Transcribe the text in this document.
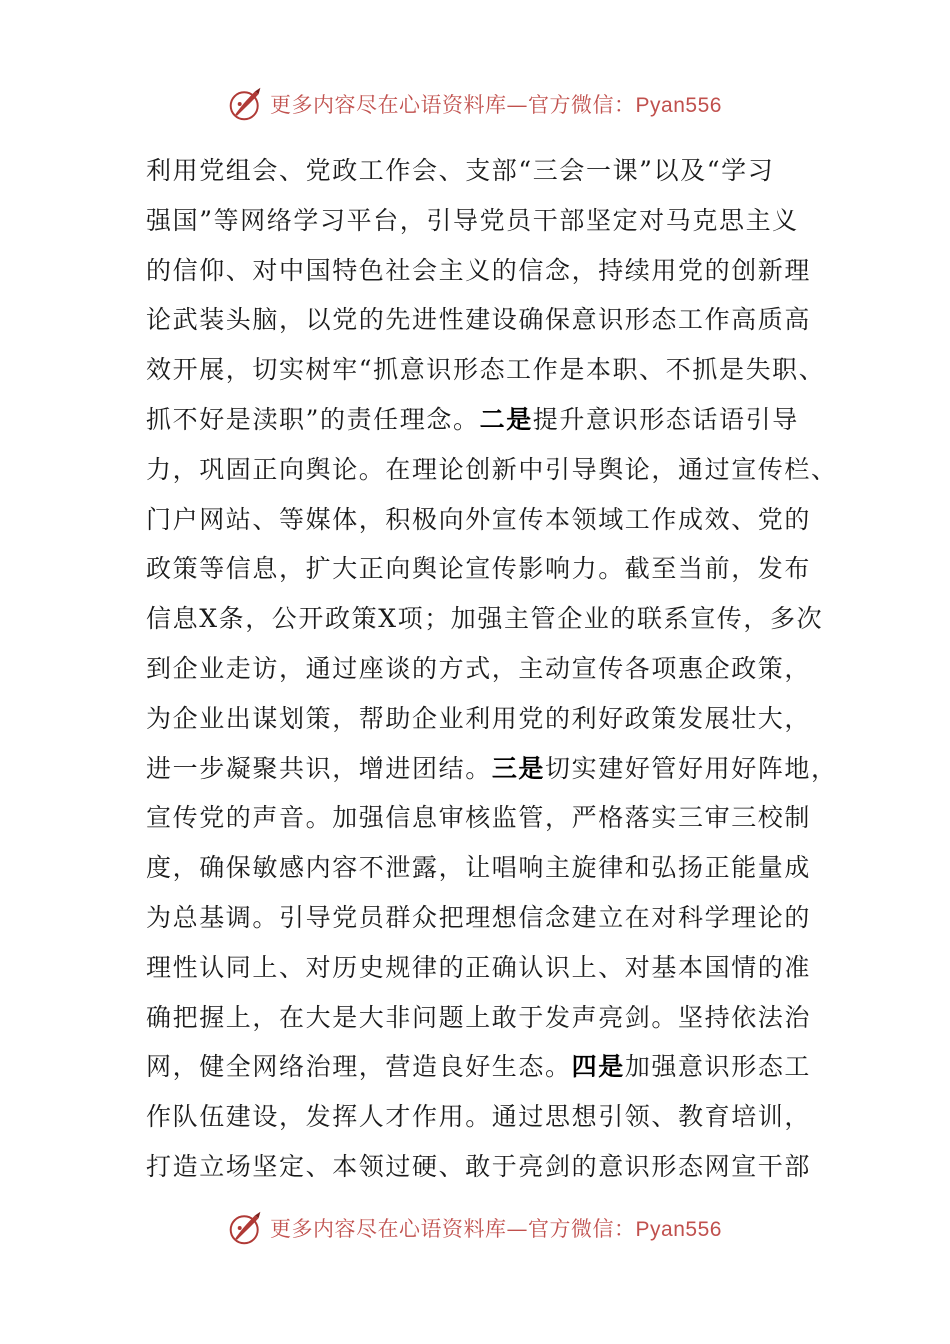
更多内容尽在心语资料库—官方微信：Pyan556
利用党组会、党政工作会、支部“三会一课”以及“学习
强国”等网络学习平台，引导党员干部坚定对马克思主义
的信仰、对中国特色社会主义的信念，持续用党的创新理
论武装头脑，以党的先进性建设确保意识形态工作高质高
效开展，切实树牢“抓意识形态工作是本职、不抓是失职、
抓不好是渎职”的责任理念。二是提升意识形态话语引导
力，巩固正向舆论。在理论创新中引导舆论，通过宣传栏、
门户网站、等媒体，积极向外宣传本领域工作成效、党的
政策等信息，扩大正向舆论宣传影响力。截至当前，发布
信息X条，公开政策X项；加强主管企业的联系宣传，多次
到企业走访，通过座谈的方式，主动宣传各项惠企政策，
为企业出谋划策，帮助企业利用党的利好政策发展壮大，
进一步凝聚共识，增进团结。三是切实建好管好用好阵地，
宣传党的声音。加强信息审核监管，严格落实三审三校制
度，确保敏感内容不泄露，让唱响主旋律和弘扬正能量成
为总基调。引导党员群众把理想信念建立在对科学理论的
理性认同上、对历史规律的正确认识上、对基本国情的准
确把握上，在大是大非问题上敢于发声亮剑。坚持依法治
网，健全网络治理，营造良好生态。四是加强意识形态工
作队伍建设，发挥人才作用。通过思想引领、教育培训，
打造立场坚定、本领过硬、敢于亮剑的意识形态网宣干部
更多内容尽在心语资料库—官方微信：Pyan556
